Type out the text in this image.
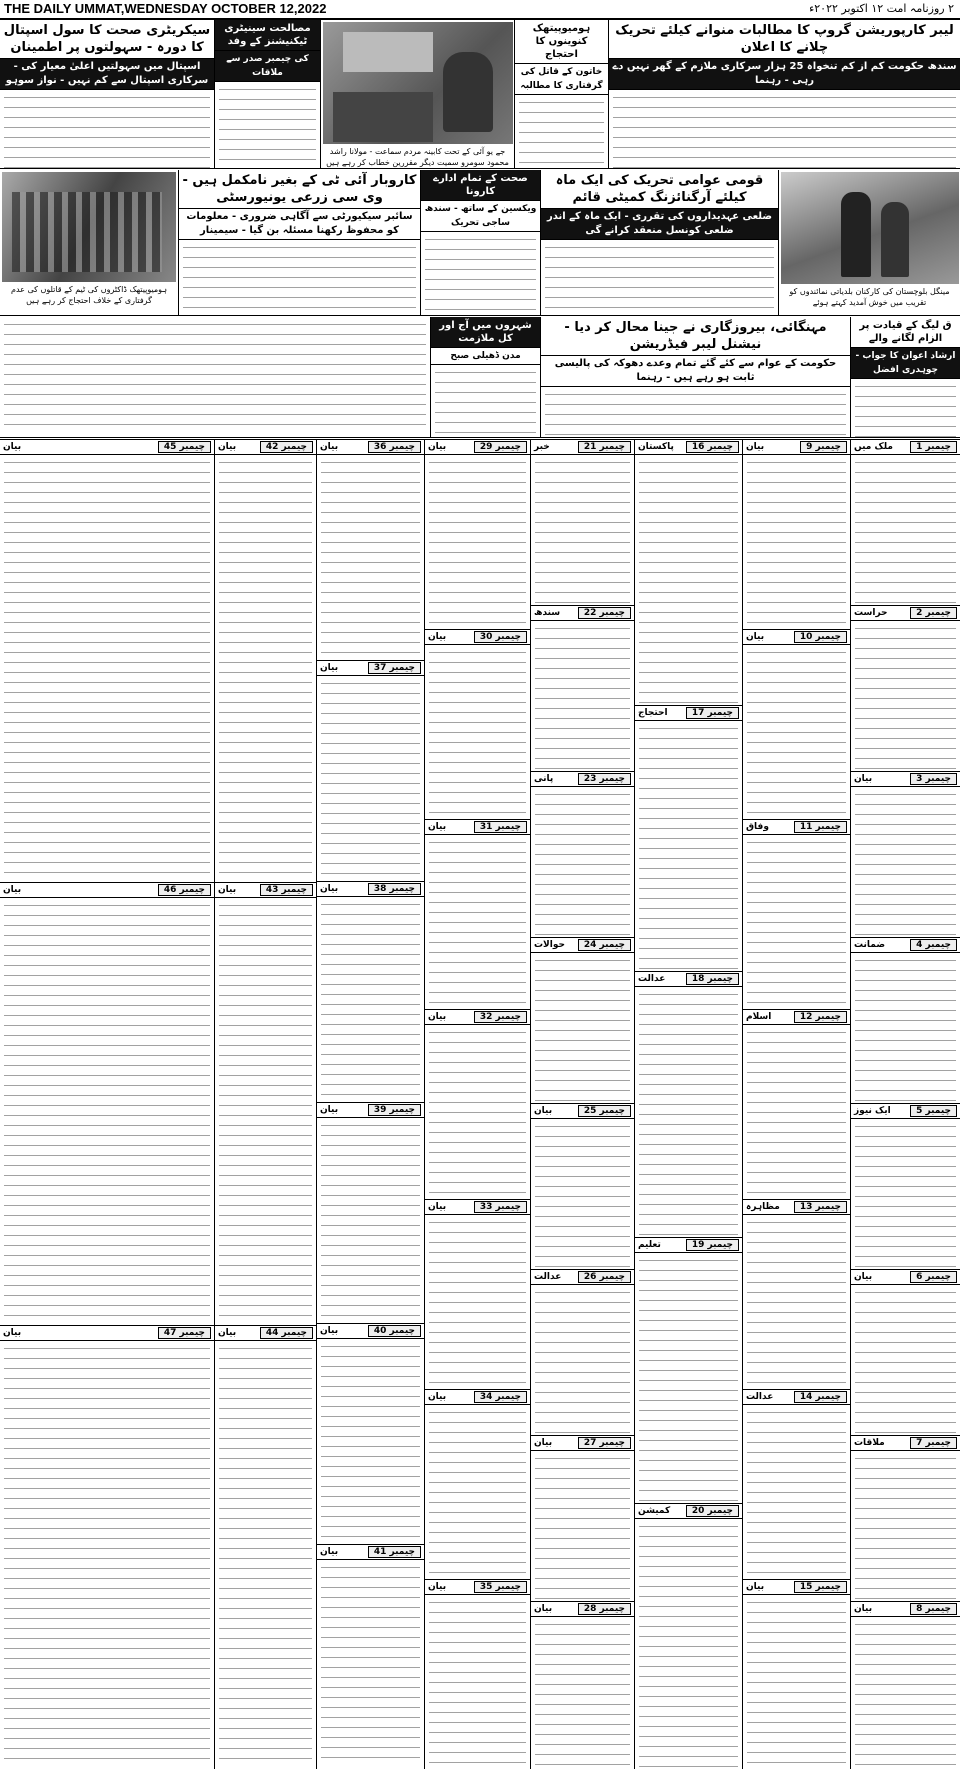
THE DAILY UMMAT,WEDNESDAY OCTOBER 12,2022	٢ روزنامہ امت ١٢ اکتوبر ٢٠٢٢ء
لیبر کارپوریشن گروپ کا مطالبات منوانے کیلئے تحریک چلانے کا اعلان
سندھ حکومت کم از کم تنخواہ 25 ہزار سرکاری ملازم کے گھر نہیں دے رہی - رہنما
ہومیوپیتھک کنوینوں کا احتجاج
خاتون کے قاتل کی گرفتاری کا مطالبہ
جے یو آئی کے تحت کابینہ مردم سماعت - مولانا راشد محمود سومرو سمیت دیگر مقررین خطاب کر رہے ہیں
مصالحت سینیٹری ٹیکنیشنز کے وفد
کی چیمبر صدر سے ملاقات
سیکریٹری صحت کا سول اسپتال کا دورہ - سہولتوں پر اطمینان
اسپتال میں سہولتیں اعلیٰ معیار کی - سرکاری اسپتال سے کم نہیں - نواز سوہو
مینگل بلوچستان کی کارکنان بلدیاتی نمائندوں کو تقریب میں خوش آمدید کہتے ہوئے
قومی عوامی تحریک کی ایک ماہ کیلئے آرگنائزنگ کمیٹی قائم
ضلعی عہدیداروں کی تقرری - ایک ماہ کے اندر ضلعی کونسل منعقد کرانے گی
صحت کے تمام ادارے کارونا
ویکسین کے ساتھ - سندھ ساجی تحریک
کاروبار آئی ٹی کے بغیر نامکمل ہیں - وی سی زرعی یونیورسٹی
سائبر سیکیورٹی سے آگاہی ضروری - معلومات کو محفوظ رکھنا مسئلہ بن گیا - سیمینار
ہومیوپیتھک ڈاکٹروں کی ٹیم کے قاتلوں کی عدم گرفتاری کے خلاف احتجاج کر رہے ہیں
ق لیگ کے قیادت پر الزام لگانے والے
ارشاد اعوان کا جواب - چوہدری افضل
مہنگائی، بیروزگاری نے جینا محال کر دیا - نیشنل لیبر فیڈریشن
حکومت کے عوام سے کئے گئے تمام وعدے دھوکہ کی پالیسی ثابت ہو رہے ہیں - رہنما
شہروں میں آج اور کل ملازمت
مدن ڈھیلی صبح
چیمبر 1
ملک میں
چیمبر 2
حراست
چیمبر 3
بیان
چیمبر 4
ضمانت
چیمبر 5
ایک نیوز
چیمبر 6
بیان
چیمبر 7
ملاقات
چیمبر 8
بیان
چیمبر 9
بیان
چیمبر 10
بیان
چیمبر 11
وفاق
چیمبر 12
اسلام
چیمبر 13
مظاہرہ
چیمبر 14
عدالت
چیمبر 15
بیان
چیمبر 16
پاکستان
چیمبر 17
احتجاج
چیمبر 18
عدالت
چیمبر 19
تعلیم
چیمبر 20
کمیشن
چیمبر 21
خبر
چیمبر 22
سندھ
چیمبر 23
پانی
چیمبر 24
حوالات
چیمبر 25
بیان
چیمبر 26
عدالت
چیمبر 27
بیان
چیمبر 28
بیان
چیمبر 29
بیان
چیمبر 30
بیان
چیمبر 31
بیان
چیمبر 32
بیان
چیمبر 33
بیان
چیمبر 34
بیان
چیمبر 35
بیان
چیمبر 36
بیان
چیمبر 37
بیان
چیمبر 38
بیان
چیمبر 39
بیان
چیمبر 40
بیان
چیمبر 41
بیان
چیمبر 42
بیان
چیمبر 43
بیان
چیمبر 44
بیان
چیمبر 45
بیان
چیمبر 46
بیان
چیمبر 47
بیان
